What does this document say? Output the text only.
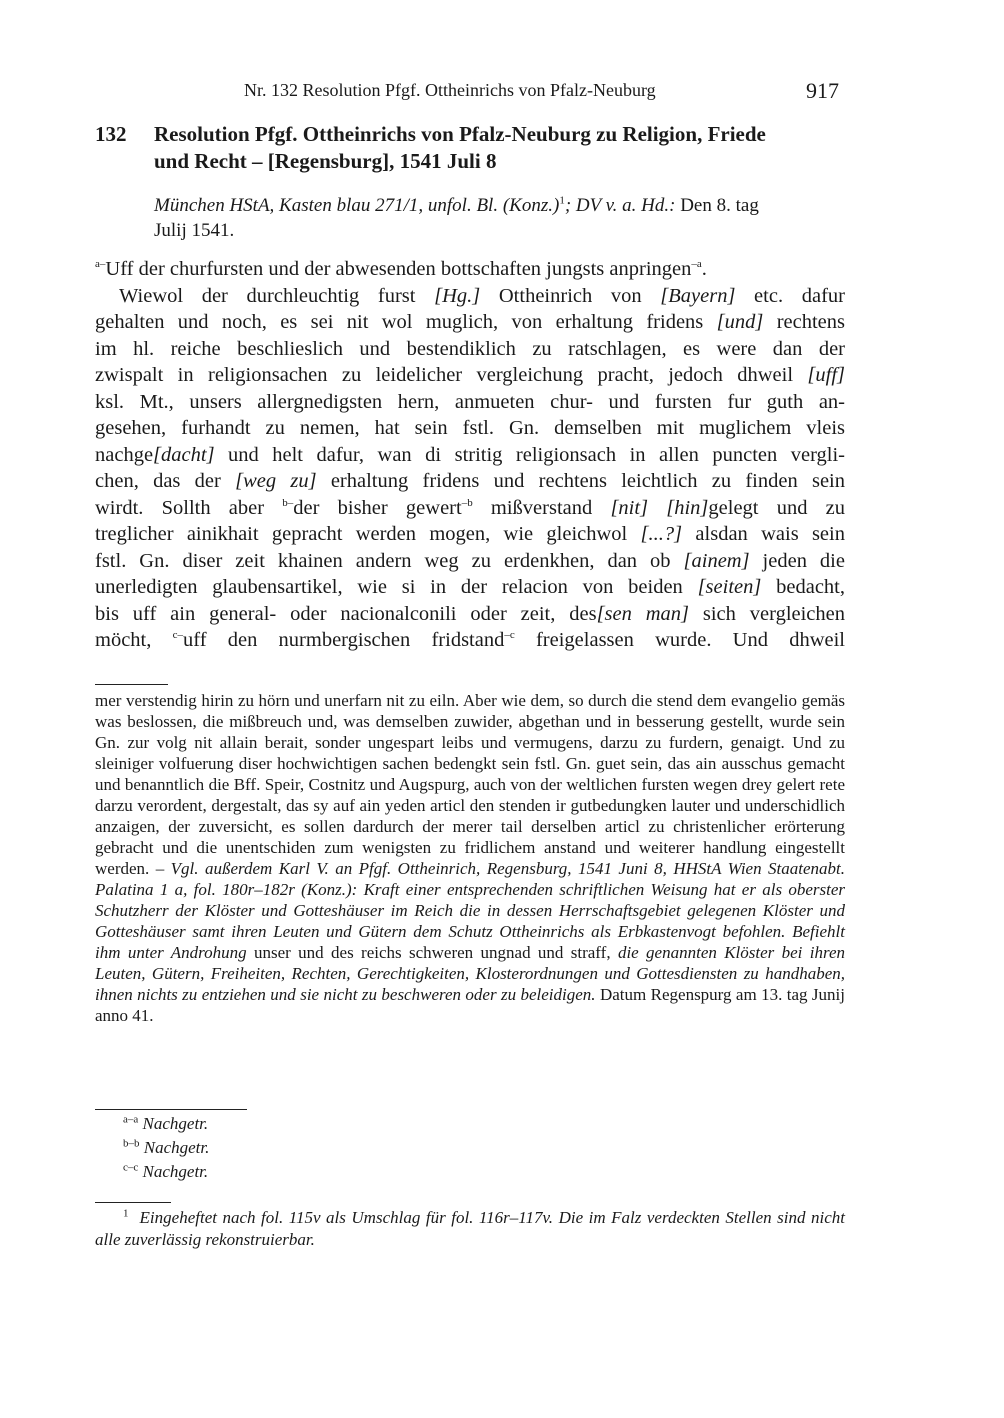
Nr. 132 Resolution Pfgf. Ottheinrichs von Pfalz-Neuburg	917
132	Resolution Pfgf. Ottheinrichs von Pfalz-Neuburg zu Religion, Friede
und Recht – [Regensburg], 1541 Juli 8
München HStA, Kasten blau 271/1, unfol. Bl. (Konz.)$^1$; DV v. a. Hd.: Den 8. tag
Julij 1541.
$^{a-}$Uff der churfursten und der abwesenden bottschaften jungsts anpringen$^{-a}$.
Wiewol der durchleuchtig furst [Hg.] Ottheinrich von [Bayern] etc. dafur
gehalten und noch, es sei nit wol muglich, von erhaltung fridens [und] rechtens
im hl. reiche beschlieslich und bestendiklich zu ratschlagen, es were dan der
zwispalt in religionsachen zu leidelicher vergleichung pracht, jedoch dhweil [uff]
ksl. Mt., unsers allergnedigsten hern, anmueten chur- und fursten fur guth an-
gesehen, furhandt zu nemen, hat sein fstl. Gn. demselben mit muglichem vleis
nachge[dacht] und helt dafur, wan di stritig religionsach in allen puncten vergli-
chen, das der [weg zu] erhaltung fridens und rechtens leichtlich zu finden sein
wirdt. Sollth aber $^{b-}$der bisher gewert$^{-b}$ mißverstand [nit] [hin]gelegt und zu
treglicher ainikhait gepracht werden mogen, wie gleichwol [...?] alsdan wais sein
fstl. Gn. diser zeit khainen andern weg zu erdenkhen, dan ob [ainem] jeden die
unerledigten glaubensartikel, wie si in der relacion von beiden [seiten] bedacht,
bis uff ain general- oder nacionalconili oder zeit, des[sen man] sich vergleichen
möcht, $^{c-}$uff den nurmbergischen fridstand$^{-c}$ freigelassen wurde. Und dhweil

mer verstendig hirin zu hörn und unerfarn nit zu eiln. Aber wie dem, so durch die stend dem evangelio gemäs was beslossen, die mißbreuch und, was demselben zuwider, abgethan und in besserung gestellt, wurde sein Gn. zur volg nit allain berait, sonder ungespart leibs und vermugens, darzu zu furdern, genaigt. Und zu sleiniger volfuerung diser hochwichtigen sachen bedengkt sein fstl. Gn. guet sein, das ain ausschus gemacht und benanntlich die Bff. Speir, Costnitz und Augspurg, auch von der weltlichen fursten wegen drey gelert rete darzu verordent, dergestalt, das sy auf ain yeden articl den stenden ir gutbedungken lauter und underschidlich anzaigen, der zuversicht, es sollen dardurch der merer tail derselben articl zu christenlicher erörterung gebracht und die unentschiden zum wenigsten zu fridlichem anstand und weiterer handlung eingestellt werden. – Vgl. außerdem Karl V. an Pfgf. Ottheinrich, Regensburg, 1541 Juni 8, HHStA Wien Staatenabt. Palatina 1 a, fol. 180r–182r (Konz.): Kraft einer entsprechenden schriftlichen Weisung hat er als oberster Schutzherr der Klöster und Gotteshäuser im Reich die in dessen Herrschaftsgebiet gelegenen Klöster und Gotteshäuser samt ihren Leuten und Gütern dem Schutz Ottheinrichs als Erbkastenvogt befohlen. Befiehlt ihm unter Androhung unser und des reichs schweren ungnad und straff, die genannten Klöster bei ihren Leuten, Gütern, Freiheiten, Rechten, Gerechtigkeiten, Klosterordnungen und Gottesdiensten zu handhaben, ihnen nichts zu entziehen und sie nicht zu beschweren oder zu beleidigen. Datum Regenspurg am 13. tag Junij anno 41.

$^{a-a}$ Nachgetr.
$^{b-b}$ Nachgetr.
$^{c-c}$ Nachgetr.

$^1$ Eingeheftet nach fol. 115v als Umschlag für fol. 116r–117v. Die im Falz verdeckten Stellen sind nicht alle zuverlässig rekonstruierbar.
